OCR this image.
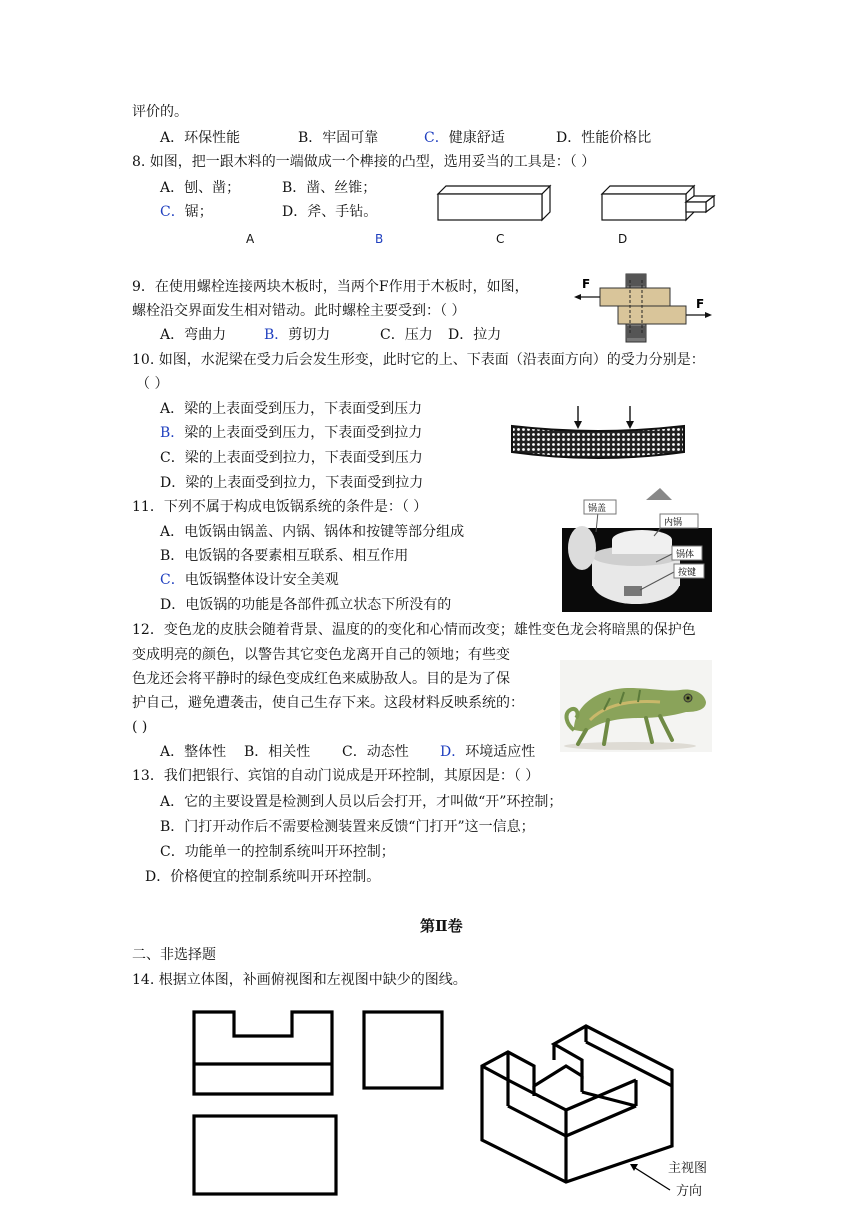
评价的。
A．环保性能	B．牢固可靠	C．健康舒适	D．性能价格比
8. 如图，把一跟木料的一端做成一个榫接的凸型，选用妥当的工具是：（ ）
A．刨、凿；	B．凿、丝锥；
C．锯；	D．斧、手钻。
A	B	C	D
9．在使用螺栓连接两块木板时，当两个F作用于木板时，如图，
螺栓沿交界面发生相对错动。此时螺栓主要受到：（ ）
A．弯曲力	B．剪切力	C．压力 D．拉力
F
F
10. 如图，水泥梁在受力后会发生形变，此时它的上、下表面（沿表面方向）的受力分别是：
（ ）
A．梁的上表面受到压力，下表面受到压力
B．梁的上表面受到压力，下表面受到拉力
C．梁的上表面受到拉力，下表面受到压力
D．梁的上表面受到拉力，下表面受到拉力
11．下列不属于构成电饭锅系统的条件是：（ ）
A．电饭锅由锅盖、内锅、锅体和按键等部分组成
B．电饭锅的各要素相互联系、相互作用
C．电饭锅整体设计安全美观
D．电饭锅的功能是各部件孤立状态下所没有的
锅盖
内锅
锅体
按键
12．变色龙的皮肤会随着背景、温度的的变化和心情而改变；雄性变色龙会将暗黑的保护色
变成明亮的颜色，以警告其它变色龙离开自己的领地；有些变
色龙还会将平静时的绿色变成红色来威胁敌人。目的是为了保
护自己，避免遭袭击，使自己生存下来。这段材料反映系统的：
( )
A．整体性 B．相关性 C．动态性 D．环境适应性
13．我们把银行、宾馆的自动门说成是开环控制，其原因是：（ ）
A．它的主要设置是检测到人员以后会打开，才叫做“开”环控制；
B．门打开动作后不需要检测装置来反馈“门打开”这一信息；
C．功能单一的控制系统叫开环控制；
D．价格便宜的控制系统叫开环控制。
第Ⅱ卷
二、非选择题
14. 根据立体图，补画俯视图和左视图中缺少的图线。
主视图
方向
